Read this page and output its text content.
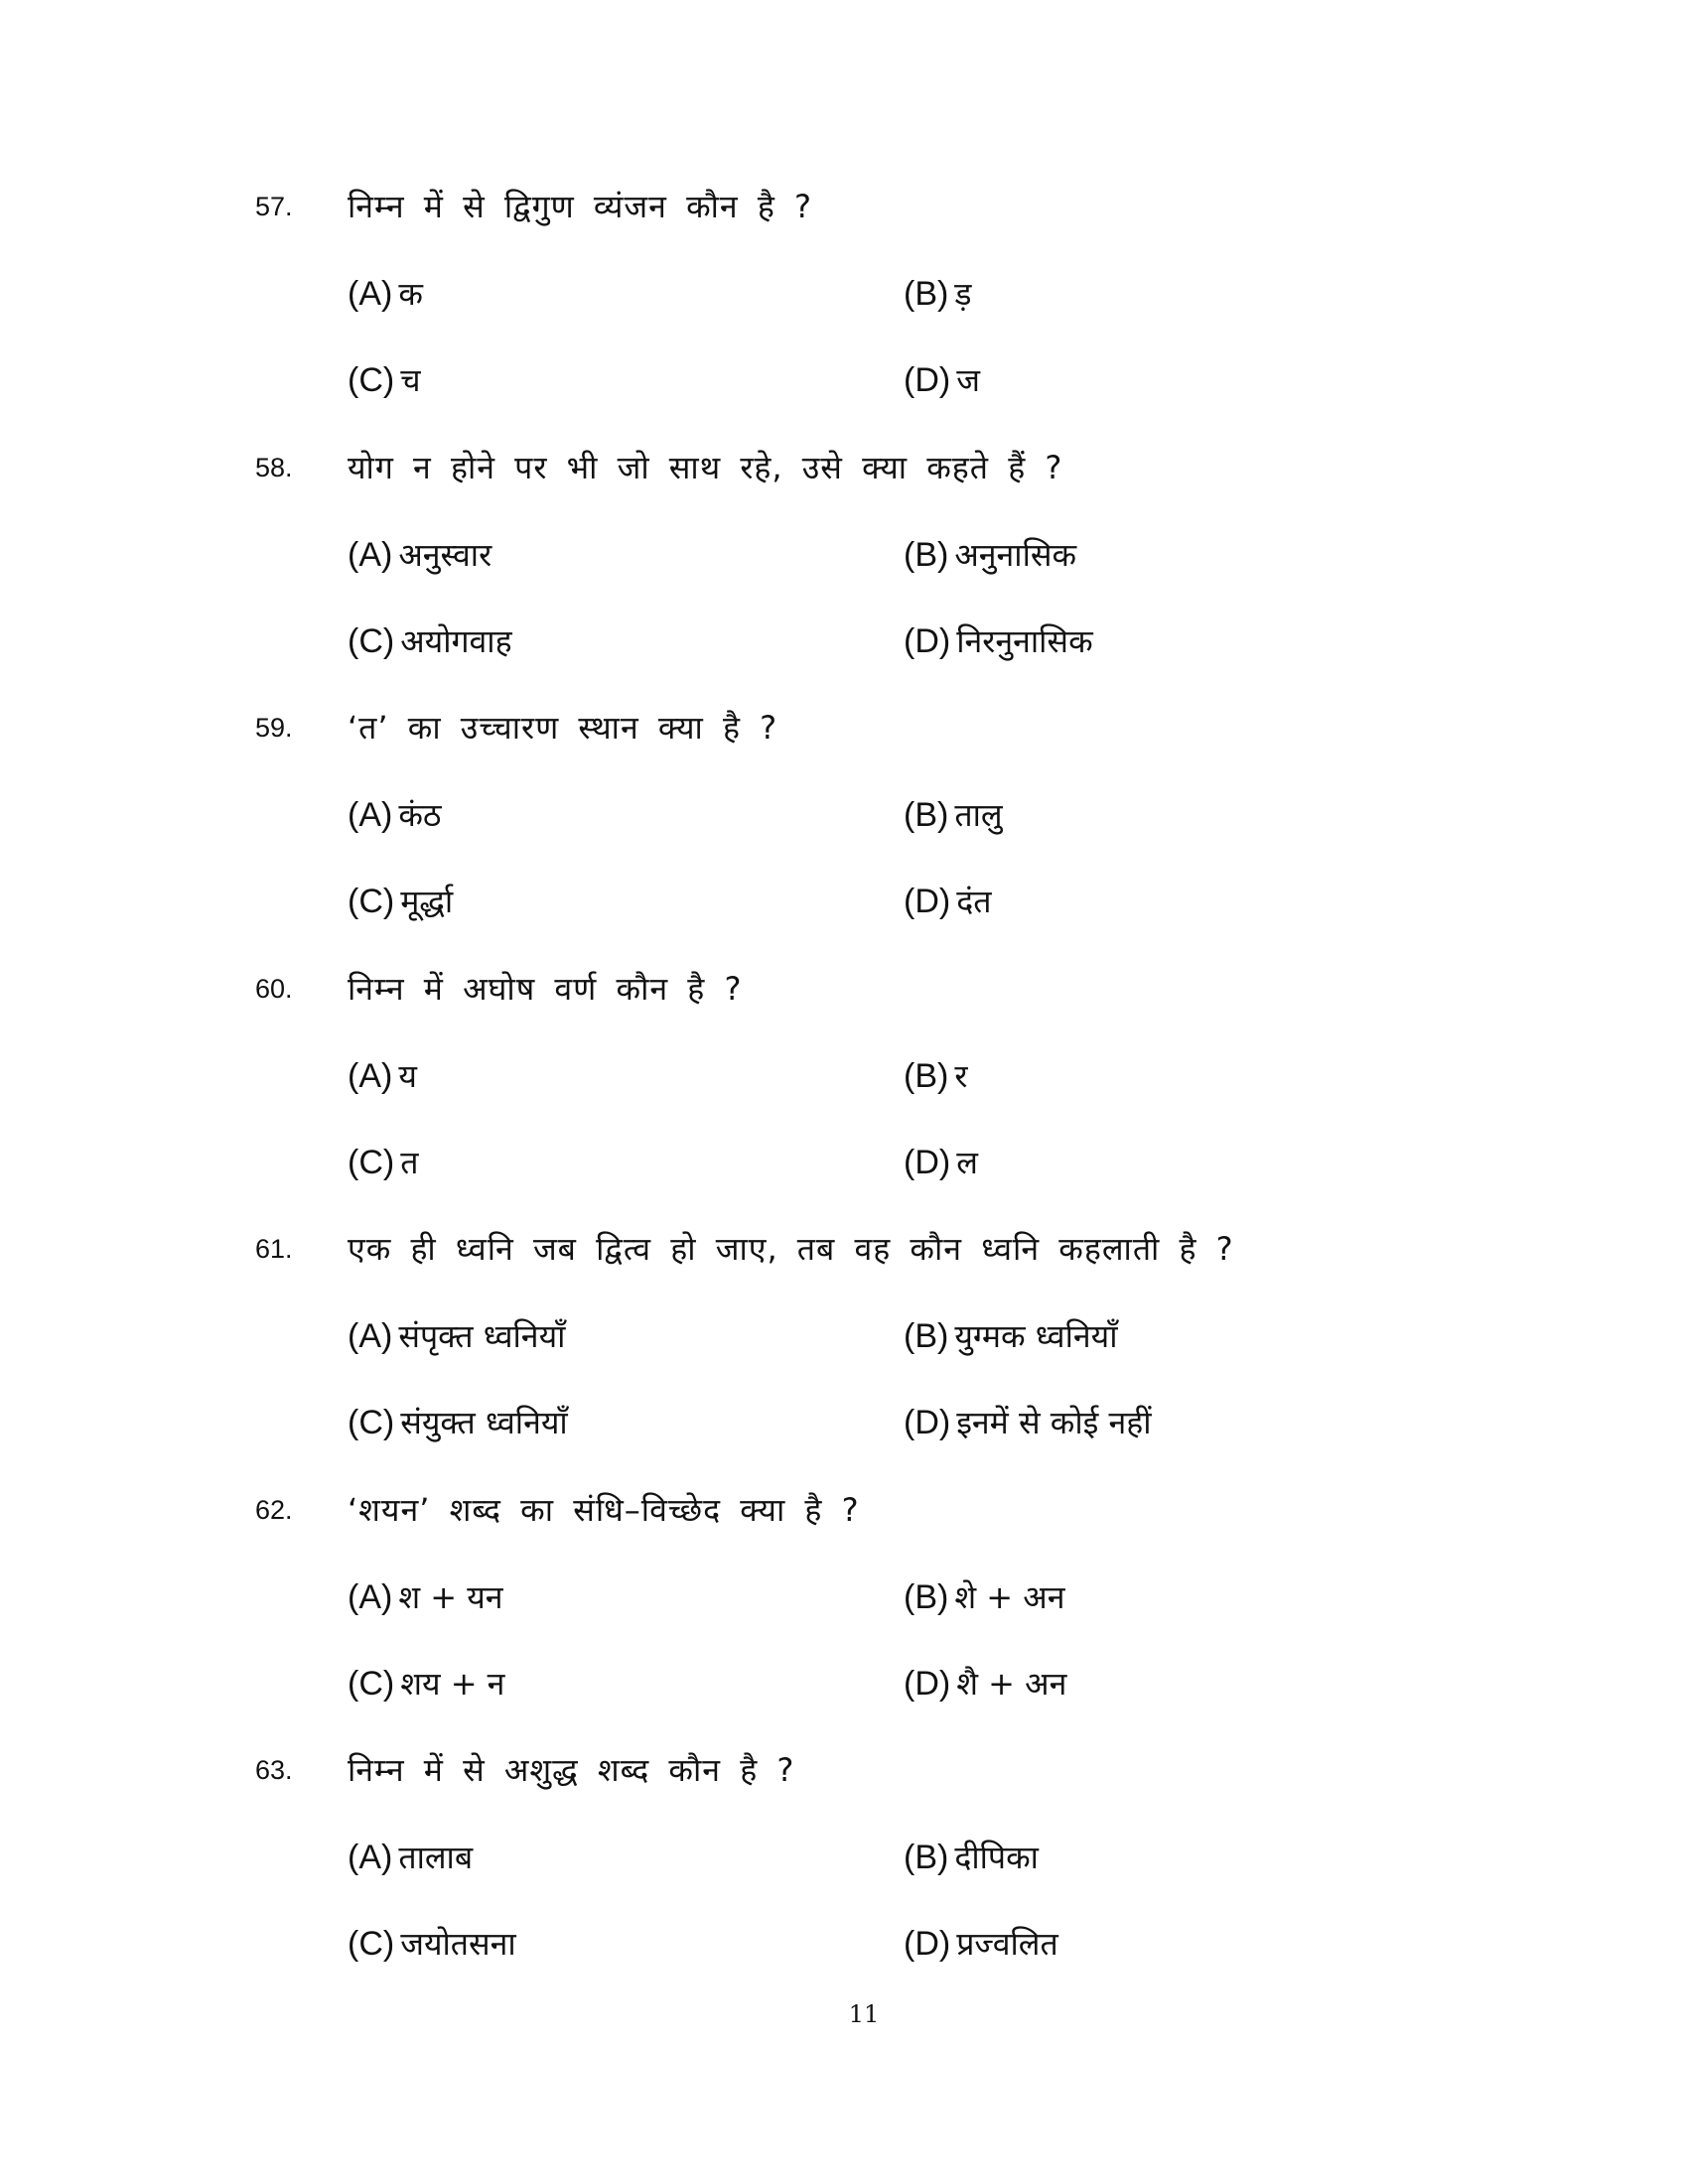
57. निम्न में से द्विगुण व्यंजन कौन है ?
(A) क	(B) ड़
(C) च	(D) ज
58. योग न होने पर भी जो साथ रहे, उसे क्या कहते हैं ?
(A) अनुस्वार	(B) अनुनासिक
(C) अयोगवाह	(D) निरनुनासिक
59. ‘त’ का उच्चारण स्थान क्या है ?
(A) कंठ	(B) तालु
(C) मूर्द्धा	(D) दंत
60. निम्न में अघोष वर्ण कौन है ?
(A) य	(B) र
(C) त	(D) ल
61. एक ही ध्वनि जब द्वित्व हो जाए, तब वह कौन ध्वनि कहलाती है ?
(A) संपृक्त ध्वनियाँ	(B) युग्मक ध्वनियाँ
(C) संयुक्त ध्वनियाँ	(D) इनमें से कोई नहीं
62. ‘शयन’ शब्द का संधि–विच्छेद क्या है ?
(A) श + यन	(B) शे + अन
(C) शय + न	(D) शै + अन
63. निम्न में से अशुद्ध शब्द कौन है ?
(A) तालाब	(B) दीपिका
(C) जयोतसना	(D) प्रज्वलित
11
